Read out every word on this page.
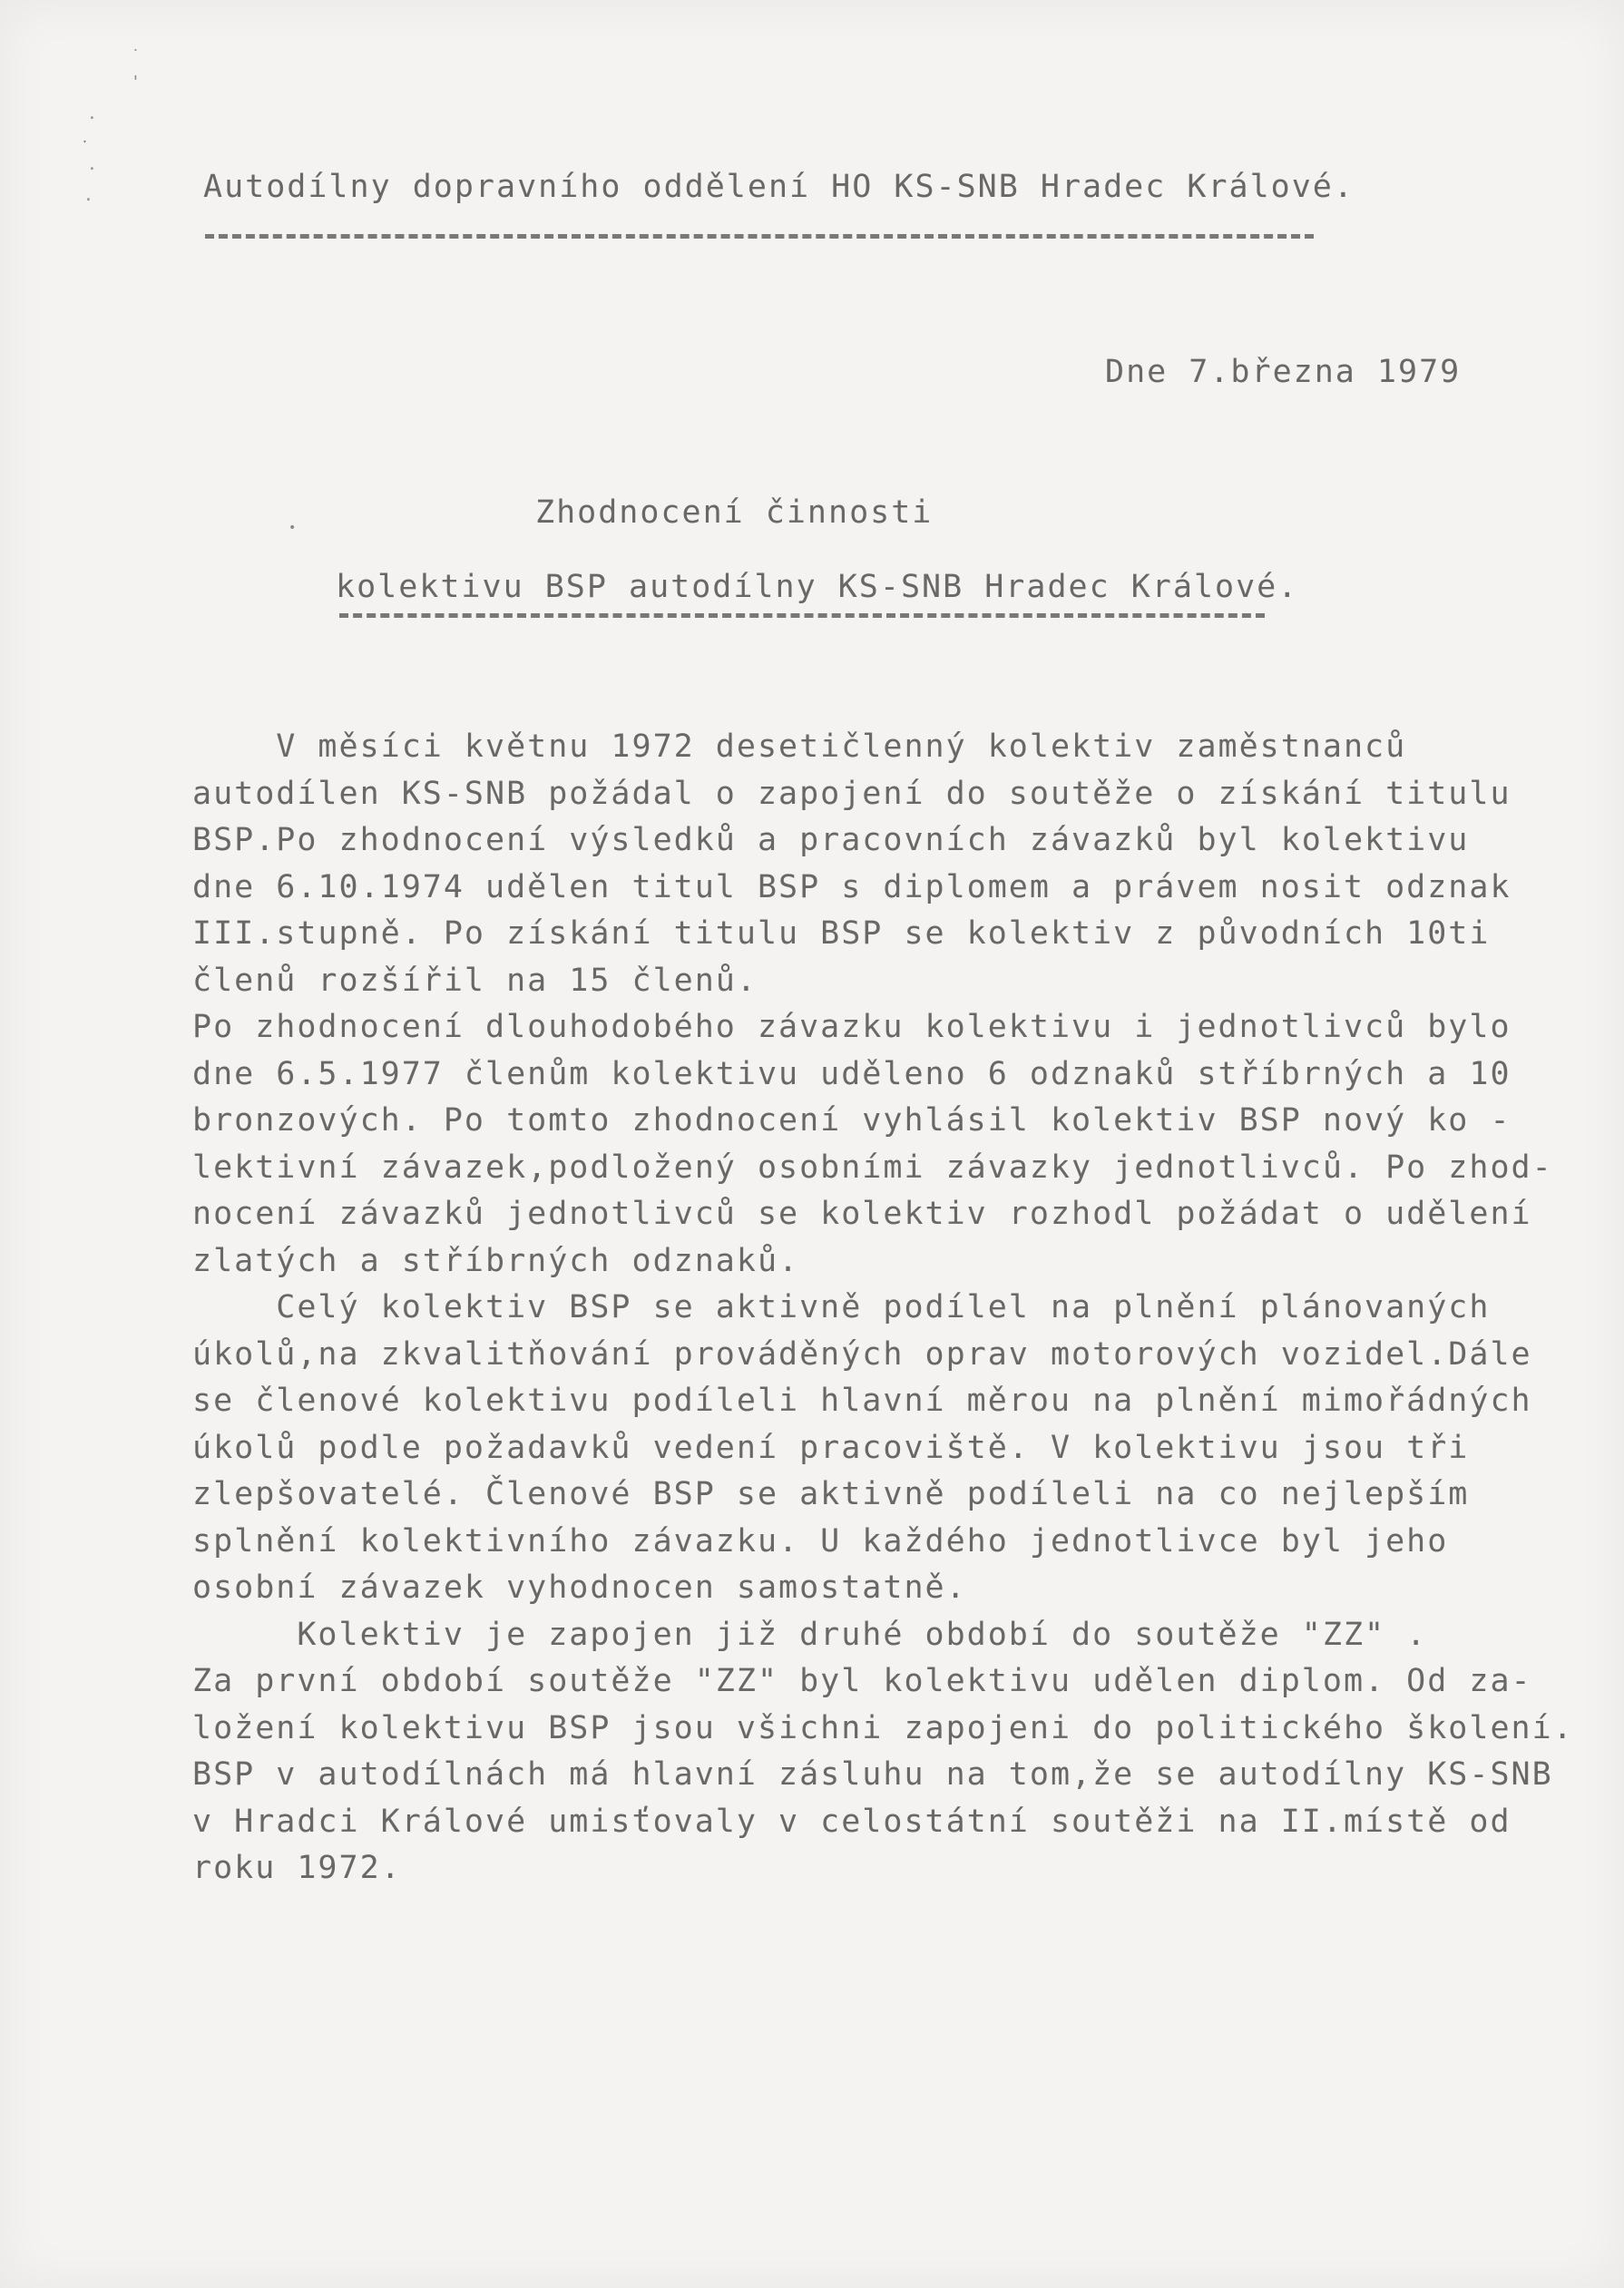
˙
'
·
ˑ
·
·	Autodílny dopravního oddělení HO KS-SNB Hradec Králové.
Dne 7.března 1979
•	Zhodnocení činnosti
kolektivu BSP autodílny KS-SNB Hradec Králové.
V měsíci květnu 1972 desetičlenný kolektiv zaměstnanců
autodílen KS-SNB požádal o zapojení do soutěže o získání titulu
BSP.Po zhodnocení výsledků a pracovních závazků byl kolektivu
dne 6.10.1974 udělen titul BSP s diplomem a právem nosit odznak
III.stupně. Po získání titulu BSP se kolektiv z původních 10ti
členů rozšířil na 15 členů.
Po zhodnocení dlouhodobého závazku kolektivu i jednotlivců bylo
dne 6.5.1977 členům kolektivu uděleno 6 odznaků stříbrných a 10
bronzových. Po tomto zhodnocení vyhlásil kolektiv BSP nový ko -
lektivní závazek,podložený osobními závazky jednotlivců. Po zhod-
nocení závazků jednotlivců se kolektiv rozhodl požádat o udělení
zlatých a stříbrných odznaků.
Celý kolektiv BSP se aktivně podílel na plnění plánovaných
úkolů,na zkvalitňování prováděných oprav motorových vozidel.Dále
se členové kolektivu podíleli hlavní měrou na plnění mimořádných
úkolů podle požadavků vedení pracoviště. V kolektivu jsou tři
zlepšovatelé. Členové BSP se aktivně podíleli na co nejlepším
splnění kolektivního závazku. U každého jednotlivce byl jeho
osobní závazek vyhodnocen samostatně.
Kolektiv je zapojen již druhé období do soutěže "ZZ" .
Za první období soutěže "ZZ" byl kolektivu udělen diplom. Od za-
ložení kolektivu BSP jsou všichni zapojeni do politického školení.
BSP v autodílnách má hlavní zásluhu na tom,že se autodílny KS-SNB
v Hradci Králové umisťovaly v celostátní soutěži na II.místě od
roku 1972.
